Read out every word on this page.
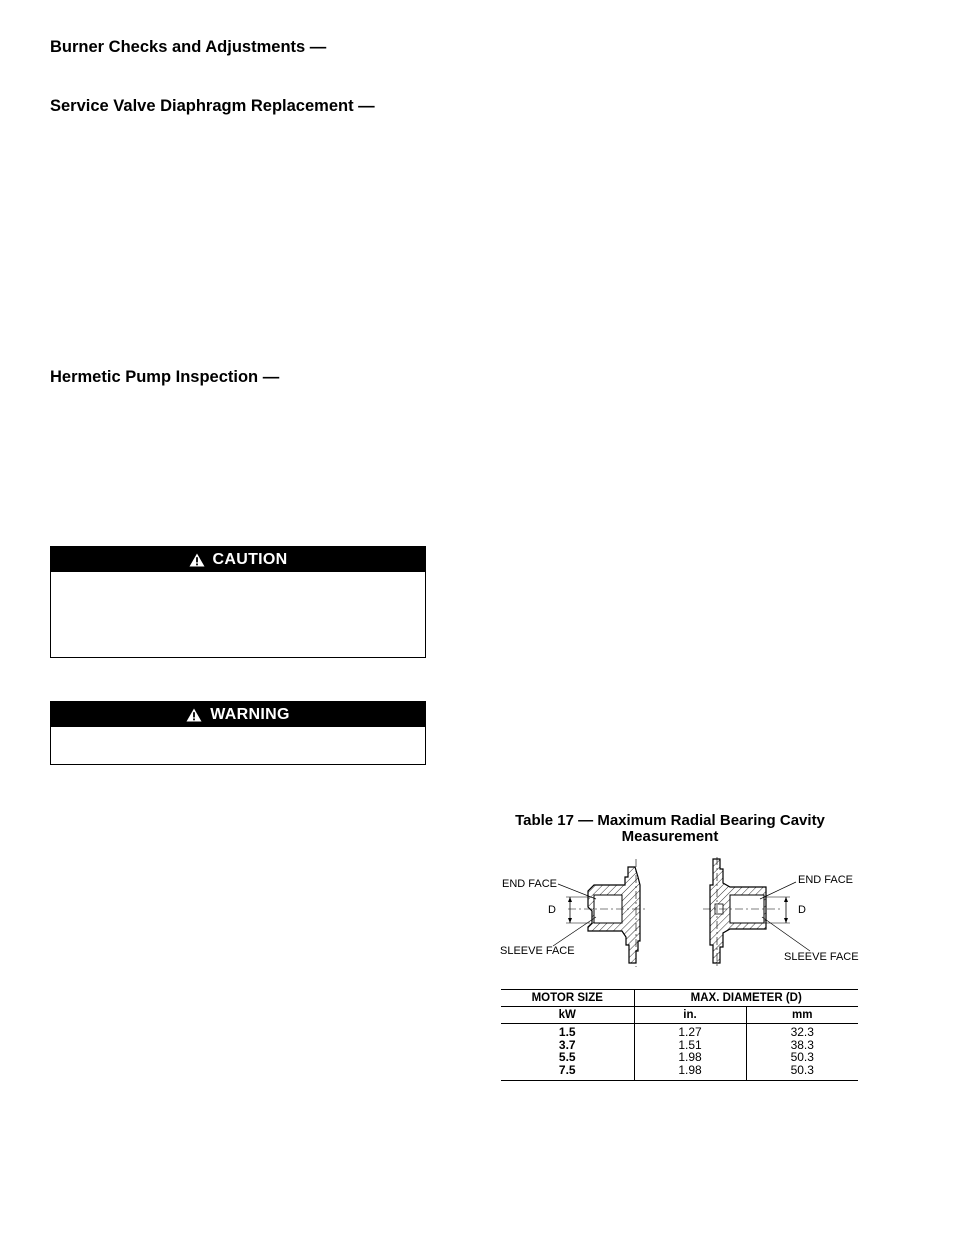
Burner Checks and Adjustments —
Service Valve Diaphragm Replacement —
Hermetic Pump Inspection —
CAUTION
WARNING
Table 17 — Maximum Radial Bearing Cavity
Measurement
END FACE
D
SLEEVE FACE
END FACE
D
SLEEVE FACE
MOTOR SIZE	MAX. DIAMETER (D)	
kW	in.	mm
1.5	1.27	32.3
3.7	1.51	38.3
5.5	1.98	50.3
7.5	1.98	50.3
